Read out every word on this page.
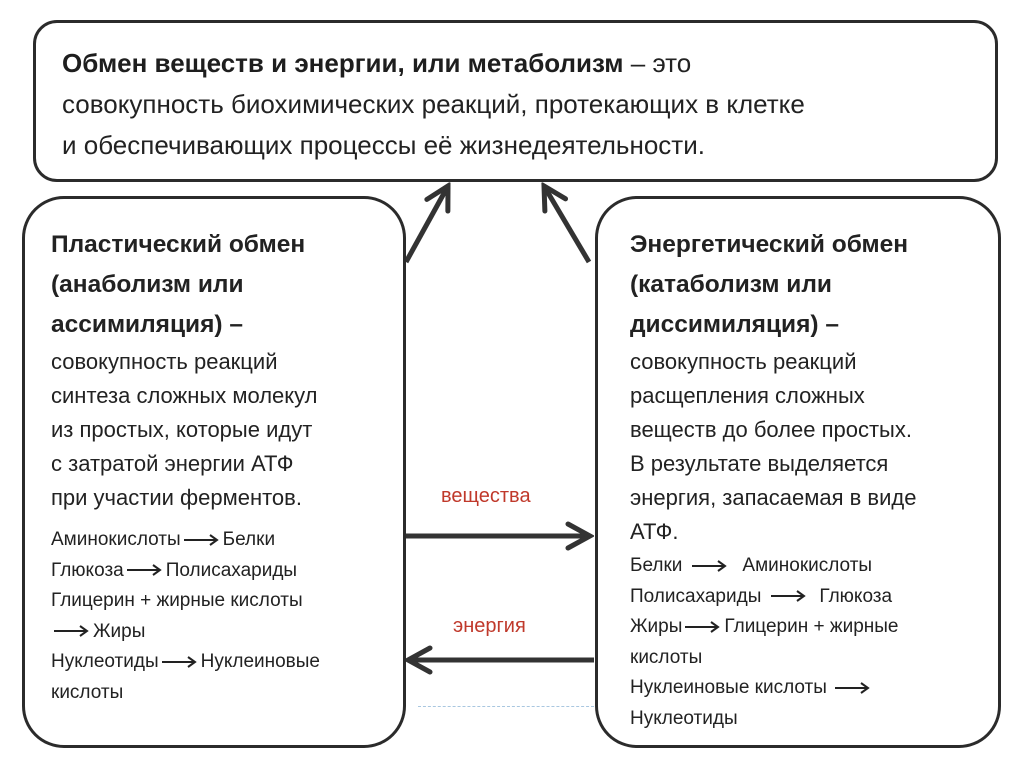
Обмен веществ и энергии, или метаболизм – это
совокупность биохимических реакций, протекающих в клетке
и обеспечивающих процессы её жизнедеятельности.
Пластический обмен
(анаболизм или
ассимиляция) –
совокупность реакций
синтеза сложных молекул
из простых, которые идут
с затратой энергии АТФ
при участии ферментов.
Аминокислоты Белки
Глюкоза Полисахариды
Глицерин + жирные кислоты
Жиры
Нуклеотиды Нуклеиновые
кислоты
Энергетический обмен
(катаболизм или
диссимиляция) –
совокупность реакций
расщепления сложных
веществ до более простых.
В результате выделяется
энергия, запасаемая в виде
АТФ.
Белки	Аминокислоты
Полисахариды	Глюкоза
Жиры Глицерин + жирные
кислоты
Нуклеиновые кислоты
Нуклеотиды
вещества
энергия
